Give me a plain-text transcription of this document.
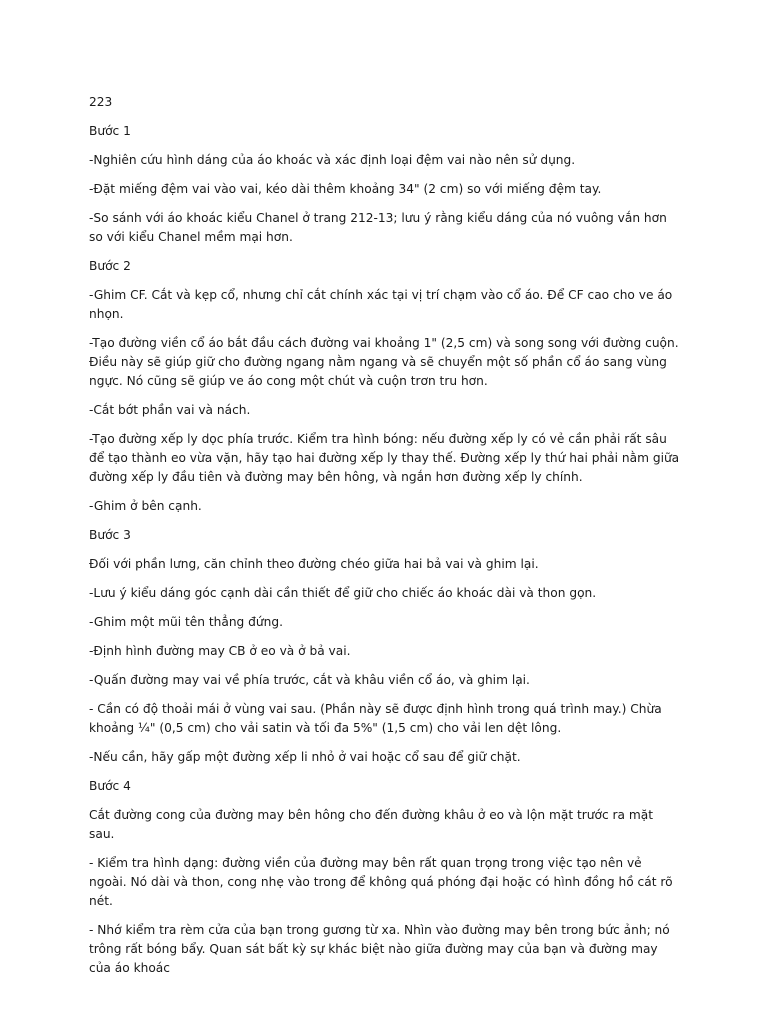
223

Bước 1

-Nghiên cứu hình dáng của áo khoác và xác định loại đệm vai nào nên sử dụng.

-Đặt miếng đệm vai vào vai, kéo dài thêm khoảng 34" (2 cm) so với miếng đệm tay.

-So sánh với áo khoác kiểu Chanel ở trang 212-13; lưu ý rằng kiểu dáng của nó vuông vắn hơn so với kiểu Chanel mềm mại hơn.

Bước 2

-Ghim CF. Cắt và kẹp cổ, nhưng chỉ cắt chính xác tại vị trí chạm vào cổ áo. Để CF cao cho ve áo nhọn.

-Tạo đường viền cổ áo bắt đầu cách đường vai khoảng 1" (2,5 cm) và song song với đường cuộn. Điều này sẽ giúp giữ cho đường ngang nằm ngang và sẽ chuyển một số phần cổ áo sang vùng ngực. Nó cũng sẽ giúp ve áo cong một chút và cuộn trơn tru hơn.

-Cắt bớt phần vai và nách.

-Tạo đường xếp ly dọc phía trước. Kiểm tra hình bóng: nếu đường xếp ly có vẻ cần phải rất sâu để tạo thành eo vừa vặn, hãy tạo hai đường xếp ly thay thế. Đường xếp ly thứ hai phải nằm giữa đường xếp ly đầu tiên và đường may bên hông, và ngắn hơn đường xếp ly chính.

-Ghim ở bên cạnh.

Bước 3

Đối với phần lưng, căn chỉnh theo đường chéo giữa hai bả vai và ghim lại.

-Lưu ý kiểu dáng góc cạnh dài cần thiết để giữ cho chiếc áo khoác dài và thon gọn.

-Ghim một mũi tên thẳng đứng.

-Định hình đường may CB ở eo và ở bả vai.

-Quấn đường may vai về phía trước, cắt và khâu viền cổ áo, và ghim lại.

- Cần có độ thoải mái ở vùng vai sau. (Phần này sẽ được định hình trong quá trình may.) Chừa khoảng ¼" (0,5 cm) cho vải satin và tối đa 5%" (1,5 cm) cho vải len dệt lông.

-Nếu cần, hãy gấp một đường xếp li nhỏ ở vai hoặc cổ sau để giữ chặt.

Bước 4

Cắt đường cong của đường may bên hông cho đến đường khâu ở eo và lộn mặt trước ra mặt sau.

- Kiểm tra hình dạng: đường viền của đường may bên rất quan trọng trong việc tạo nên vẻ ngoài. Nó dài và thon, cong nhẹ vào trong để không quá phóng đại hoặc có hình đồng hồ cát rõ nét.

- Nhớ kiểm tra rèm cửa của bạn trong gương từ xa. Nhìn vào đường may bên trong bức ảnh; nó trông rất bóng bẩy. Quan sát bất kỳ sự khác biệt nào giữa đường may của bạn và đường may của áo khoác
